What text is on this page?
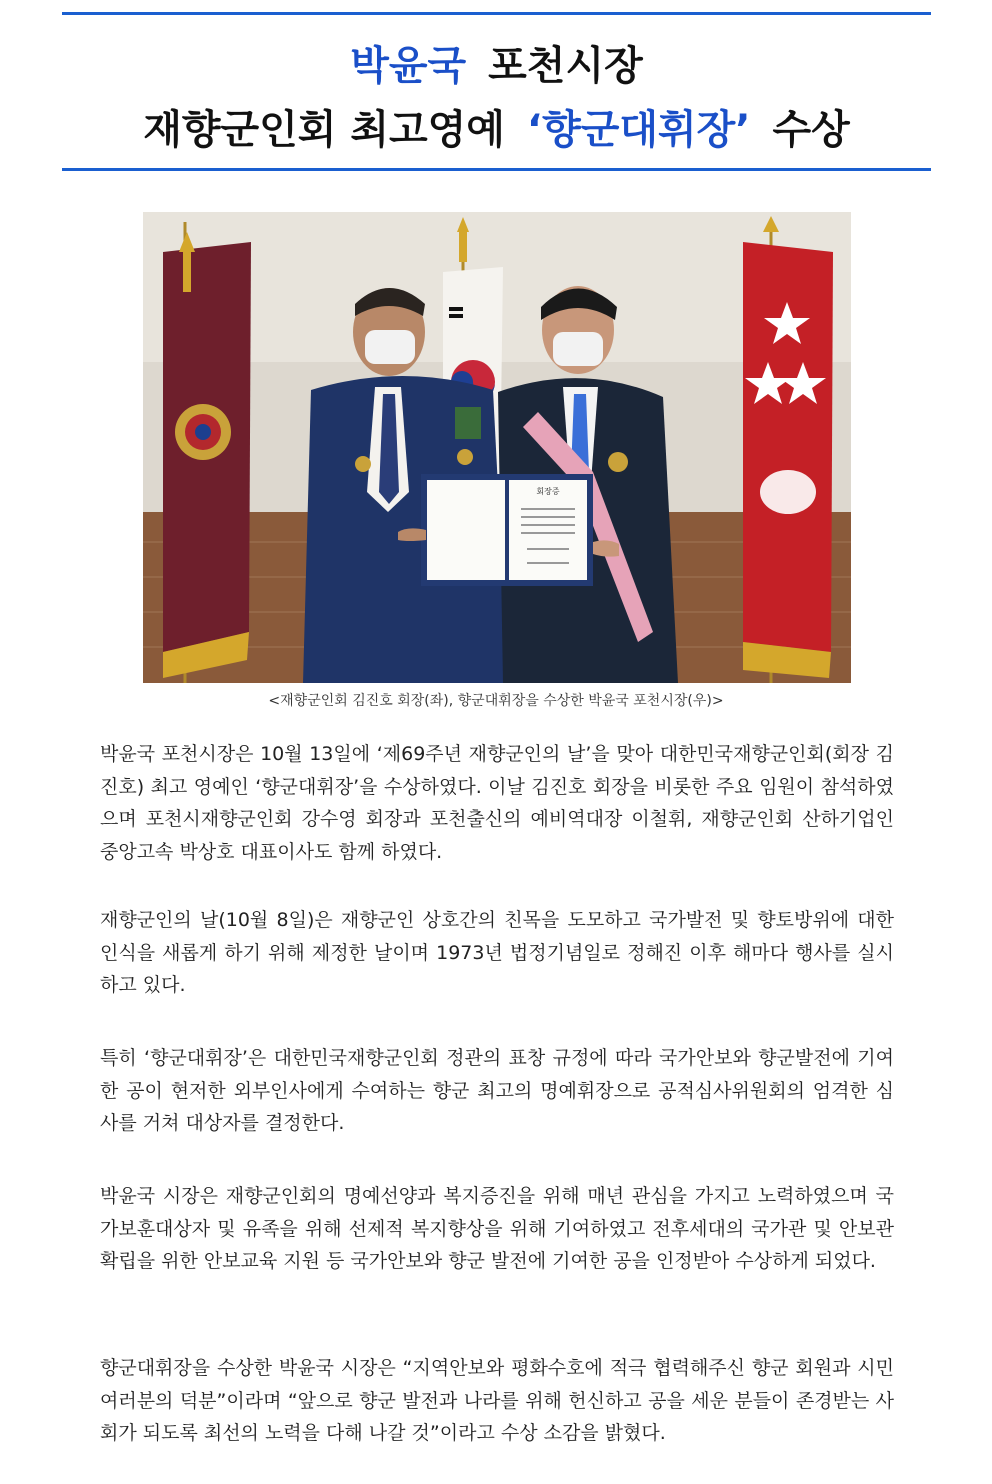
박윤국 포천시장
재향군인회 최고영예 ‘향군대휘장’ 수상
회장증
<재향군인회 김진호 회장(좌), 향군대휘장을 수상한 박윤국 포천시장(우)>

박윤국 포천시장은 10월 13일에 ‘제69주년 재향군인의 날’을 맞아 대한민국재향군인회(회장 김진호) 최고 영예인 ‘향군대휘장’을 수상하였다. 이날 김진호 회장을 비롯한 주요 임원이 참석하였으며 포천시재향군인회 강수영 회장과 포천출신의 예비역대장 이철휘, 재향군인회 산하기업인 중앙고속 박상호 대표이사도 함께 하였다.

재향군인의 날(10월 8일)은 재향군인 상호간의 친목을 도모하고 국가발전 및 향토방위에 대한 인식을 새롭게 하기 위해 제정한 날이며 1973년 법정기념일로 정해진 이후 해마다 행사를 실시하고 있다.

특히 ‘향군대휘장’은 대한민국재향군인회 정관의 표창 규정에 따라 국가안보와 향군발전에 기여한 공이 현저한 외부인사에게 수여하는 향군 최고의 명예휘장으로 공적심사위원회의 엄격한 심사를 거쳐 대상자를 결정한다.

박윤국 시장은 재향군인회의 명예선양과 복지증진을 위해 매년 관심을 가지고 노력하였으며 국가보훈대상자 및 유족을 위해 선제적 복지향상을 위해 기여하였고 전후세대의 국가관 및 안보관 확립을 위한 안보교육 지원 등 국가안보와 향군 발전에 기여한 공을 인정받아 수상하게 되었다.

향군대휘장을 수상한 박윤국 시장은 “지역안보와 평화수호에 적극 협력해주신 향군 회원과 시민 여러분의 덕분”이라며 “앞으로 향군 발전과 나라를 위해 헌신하고 공을 세운 분들이 존경받는 사회가 되도록 최선의 노력을 다해 나갈 것”이라고 수상 소감을 밝혔다.
